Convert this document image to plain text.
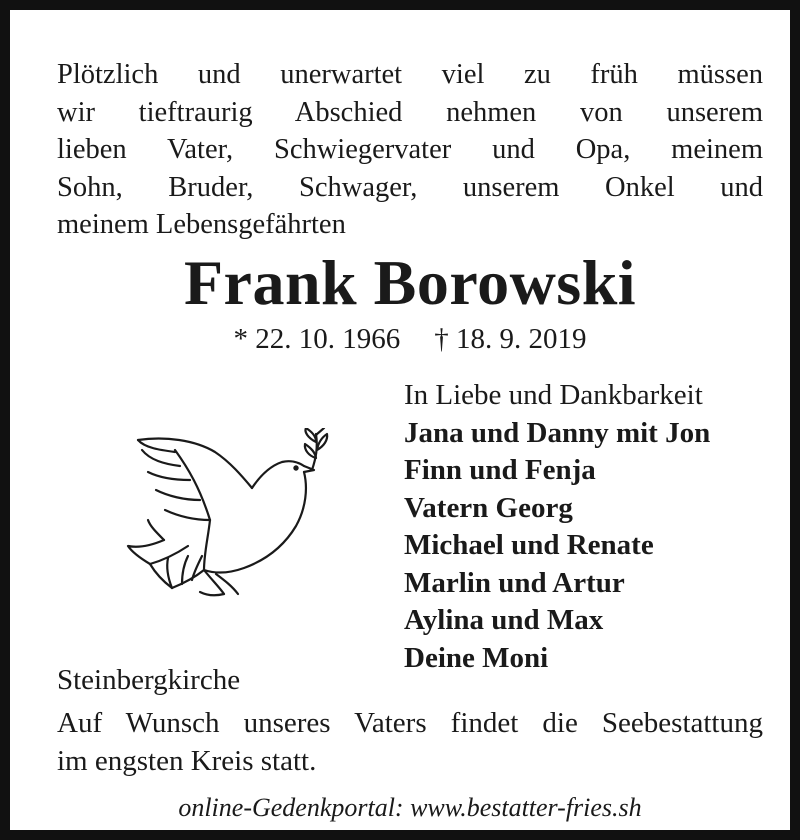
Plötzlich und unerwartet viel zu früh müssen
wir tieftraurig Abschied nehmen von unserem
lieben Vater, Schwiegervater und Opa, meinem
Sohn, Bruder, Schwager, unserem Onkel und
meinem Lebensgefährten
Frank Borowski
* 22. 10. 1966 † 18. 9. 2019
In Liebe und Dankbarkeit
Jana und Danny mit Jon
Finn und Fenja
Vatern Georg
Michael und Renate
Marlin und Artur
Aylina und Max
Deine Moni
Steinbergkirche
Auf Wunsch unseres Vaters findet die Seebestattung
im engsten Kreis statt.
online-Gedenkportal: www.bestatter-fries.sh
